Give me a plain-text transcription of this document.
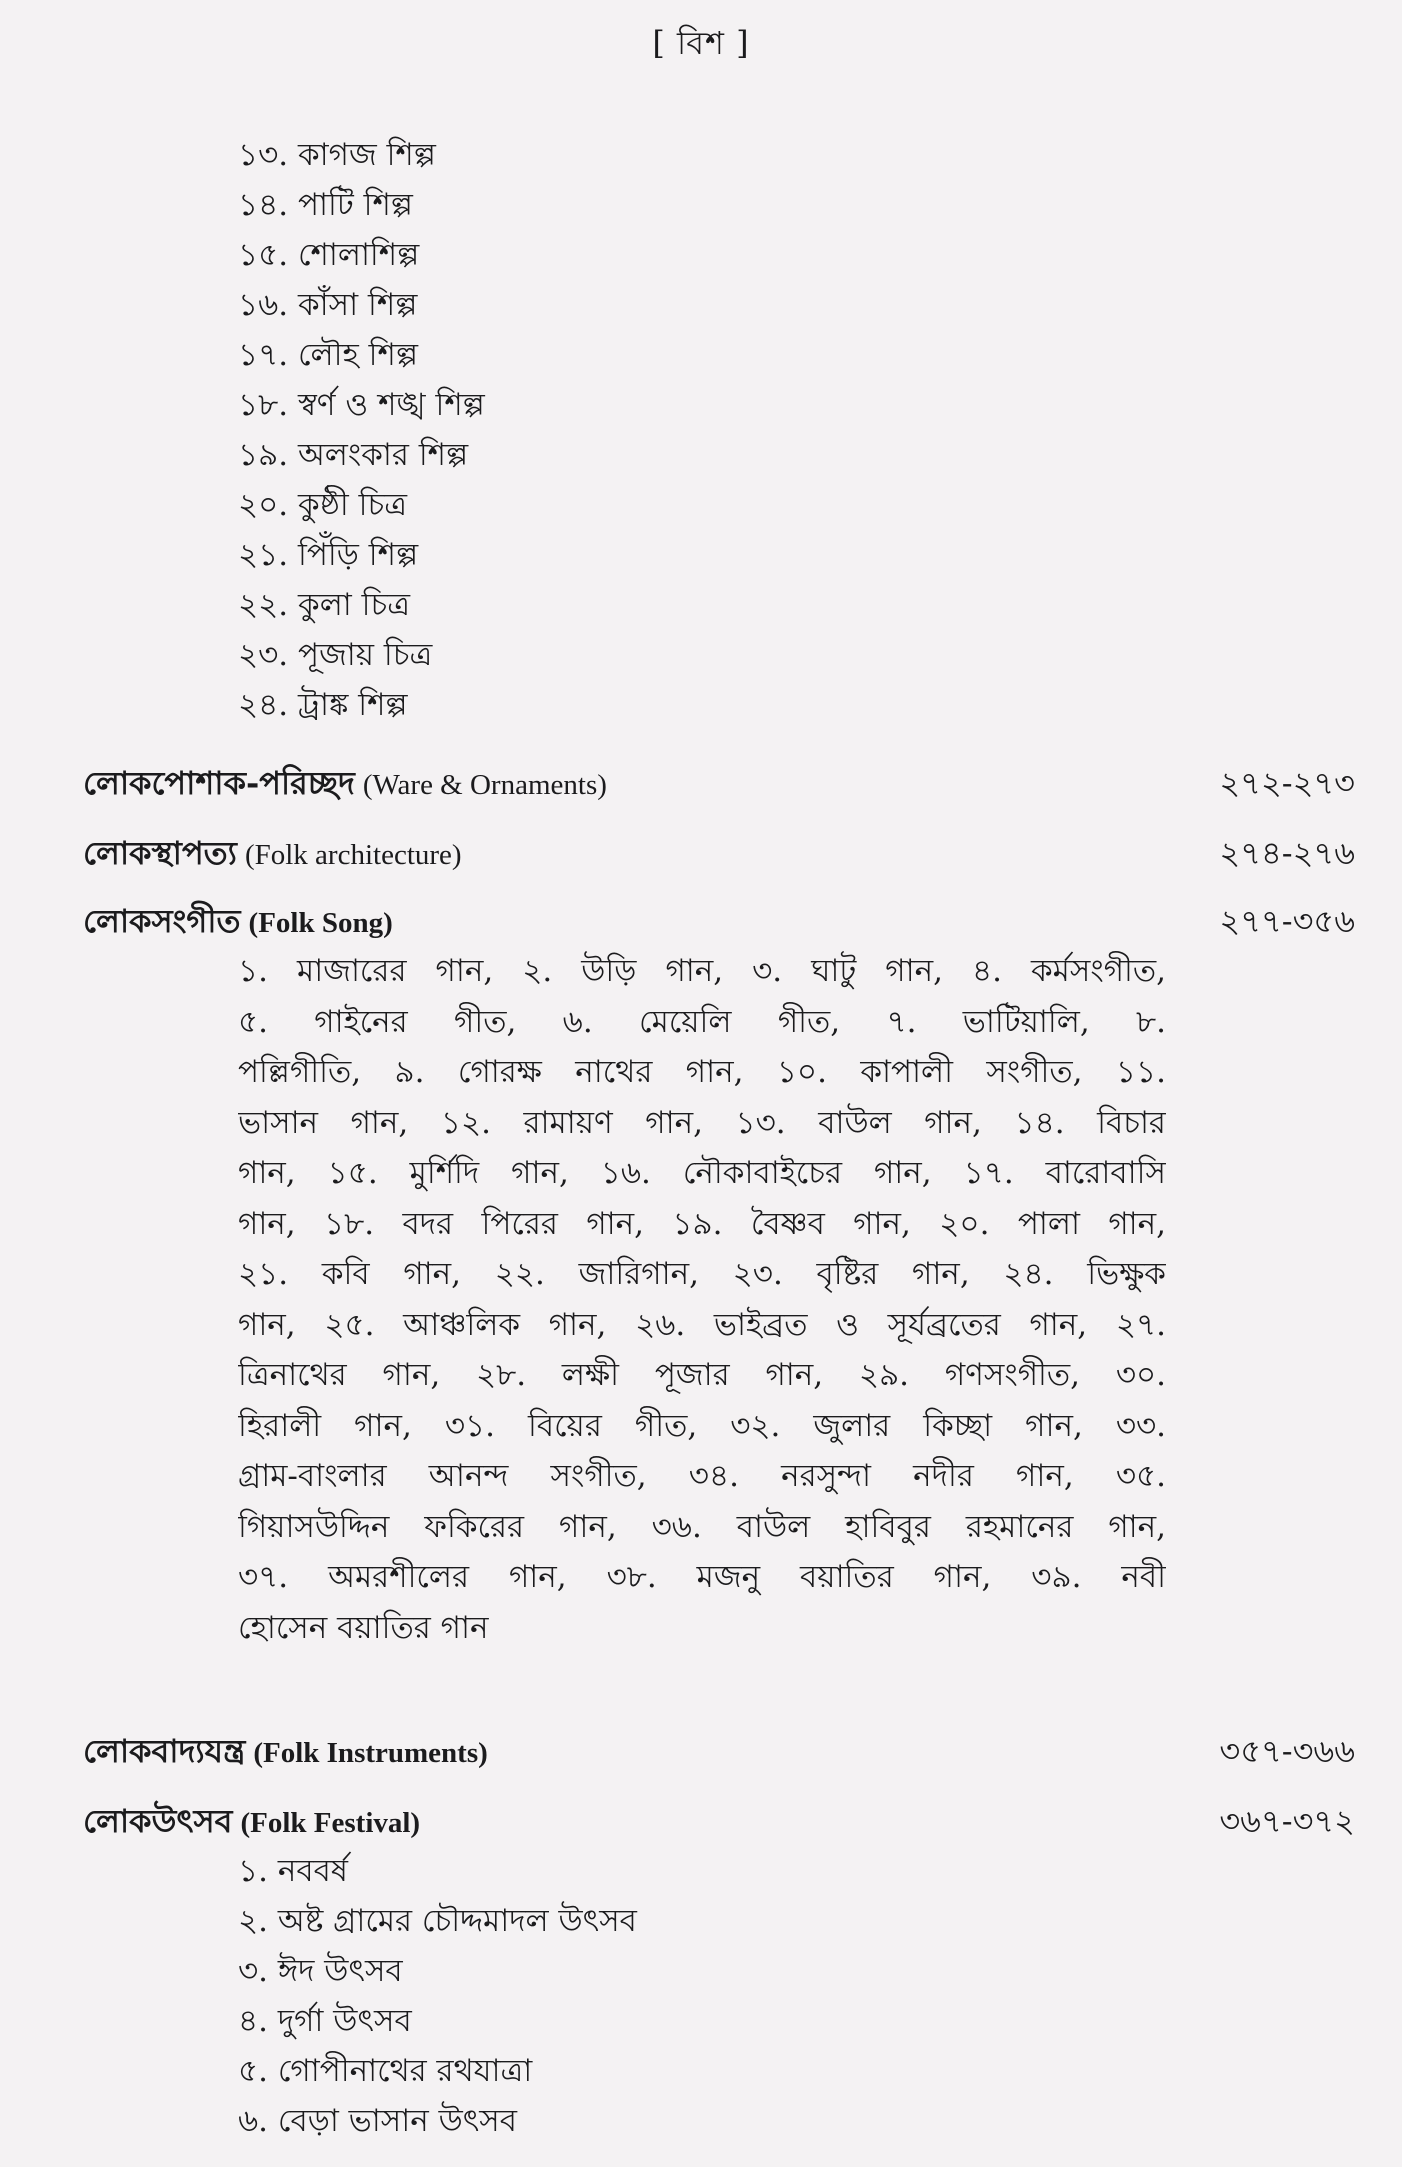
[ বিশ ]
১৩. কাগজ শিল্প
১৪. পাটি শিল্প
১৫. শোলাশিল্প
১৬. কাঁসা শিল্প
১৭. লৌহ শিল্প
১৮. স্বর্ণ ও শঙ্খ শিল্প
১৯. অলংকার শিল্প
২০. কুষ্ঠী চিত্র
২১. পিঁড়ি শিল্প
২২. কুলা চিত্র
২৩. পূজায় চিত্র
২৪. ট্রাঙ্ক শিল্প
লোকপোশাক-পরিচ্ছদ (Ware & Ornaments)	২৭২-২৭৩
লোকস্থাপত্য (Folk architecture)	২৭৪-২৭৬
লোকসংগীত (Folk Song)	২৭৭-৩৫৬
১. মাজারের গান, ২. উড়ি গান, ৩. ঘাটু গান, ৪. কর্মসংগীত,
৫. গাইনের গীত, ৬. মেয়েলি গীত, ৭. ভাটিয়ালি, ৮.
পল্লিগীতি, ৯. গোরক্ষ নাথের গান, ১০. কাপালী সংগীত, ১১.
ভাসান গান, ১২. রামায়ণ গান, ১৩. বাউল গান, ১৪. বিচার
গান, ১৫. মুর্শিদি গান, ১৬. নৌকাবাইচের গান, ১৭. বারোবাসি
গান, ১৮. বদর পিরের গান, ১৯. বৈষ্ণব গান, ২০. পালা গান,
২১. কবি গান, ২২. জারিগান, ২৩. বৃষ্টির গান, ২৪. ভিক্ষুক
গান, ২৫. আঞ্চলিক গান, ২৬. ভাইব্রত ও সূর্যব্রতের গান, ২৭.
ত্রিনাথের গান, ২৮. লক্ষী পূজার গান, ২৯. গণসংগীত, ৩০.
হিরালী গান, ৩১. বিয়ের গীত, ৩২. জুলার কিচ্ছা গান, ৩৩.
গ্রাম-বাংলার আনন্দ সংগীত, ৩৪. নরসুন্দা নদীর গান, ৩৫.
গিয়াসউদ্দিন ফকিরের গান, ৩৬. বাউল হাবিবুর রহমানের গান,
৩৭. অমরশীলের গান, ৩৮. মজনু বয়াতির গান, ৩৯. নবী
হোসেন বয়াতির গান
লোকবাদ্যযন্ত্র (Folk Instruments)	৩৫৭-৩৬৬
লোকউৎসব (Folk Festival)	৩৬৭-৩৭২
১. নববর্ষ
২. অষ্ট গ্রামের চৌদ্দমাদল উৎসব
৩. ঈদ উৎসব
৪. দুর্গা উৎসব
৫. গোপীনাথের রথযাত্রা
৬. বেড়া ভাসান উৎসব
